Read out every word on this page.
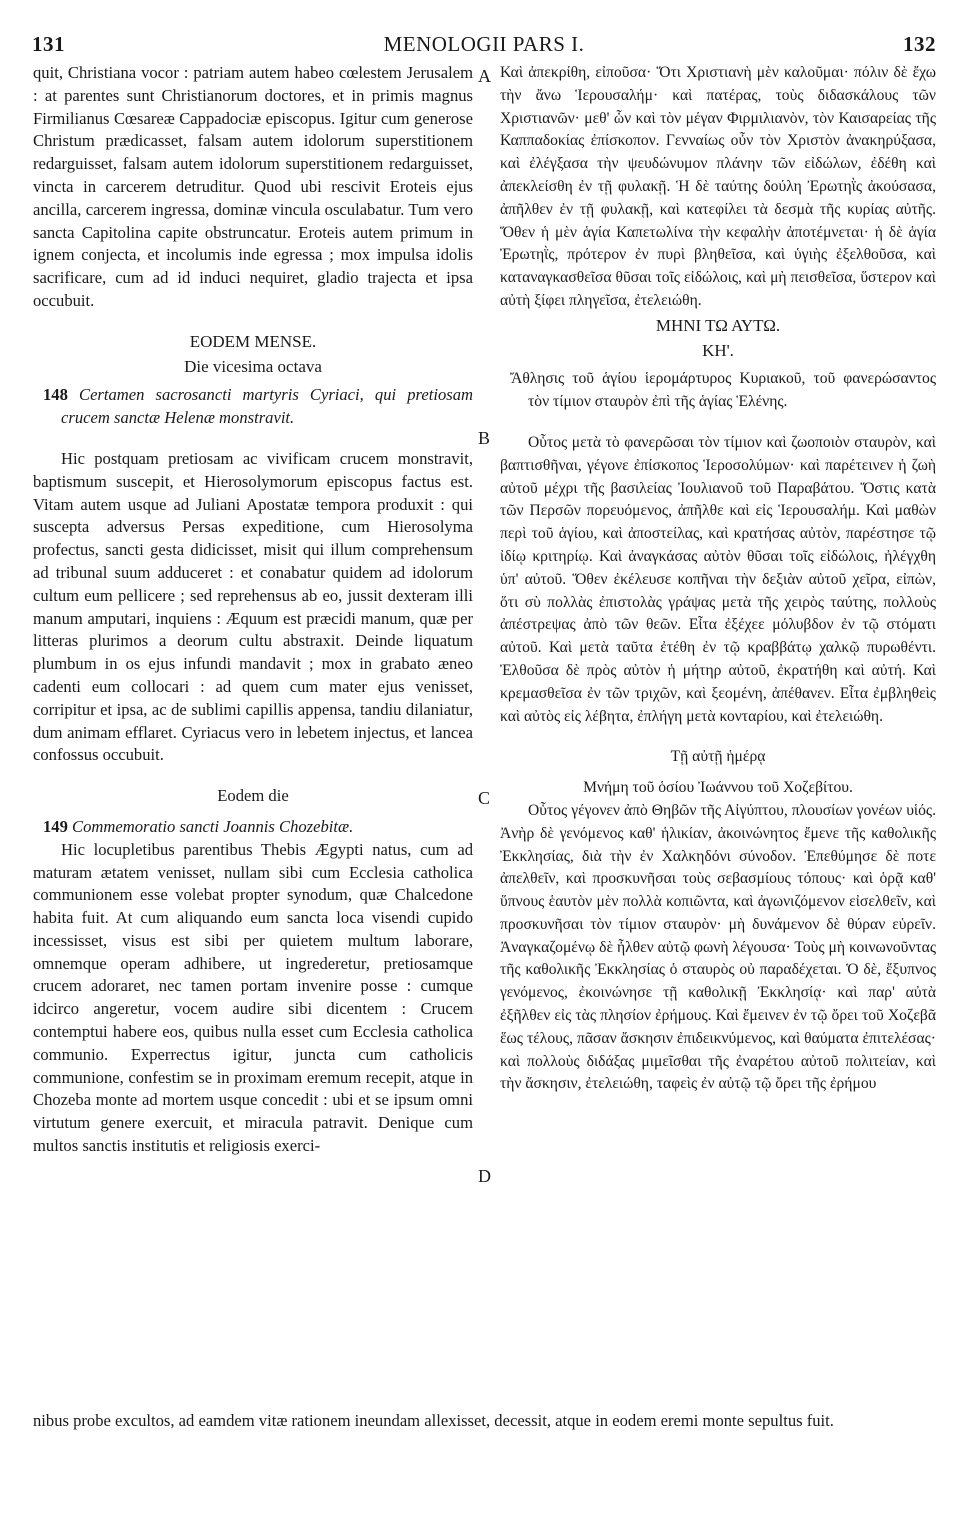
131	MENOLOGII PARS I.	132
A
B
C
D

quit, Christiana vocor : patriam autem habeo cœlestem Jerusalem : at parentes sunt Christianorum doctores, et in primis magnus Firmilianus Cœsareæ Cappadociæ episcopus. Igitur cum generose Christum prædicasset, falsam autem idolorum superstitionem redarguisset, falsam autem idolorum superstitionem redarguisset, vincta in carcerem detruditur. Quod ubi rescivit Eroteis ejus ancilla, carcerem ingressa, dominæ vincula osculabatur. Tum vero sancta Capitolina capite obstruncatur. Eroteis autem primum in ignem conjecta, et incolumis inde egressa ; mox impulsa idolis sacrificare, cum ad id induci nequiret, gladio trajecta et ipsa occubuit.

EODEM MENSE.

Die vicesima octava

148 Certamen sacrosancti martyris Cyriaci, qui pretiosam crucem sanctæ Helenæ monstravit.

Hic postquam pretiosam ac vivificam crucem monstravit, baptismum suscepit, et Hierosolymorum episcopus factus est. Vitam autem usque ad Juliani Apostatæ tempora produxit : qui suscepta adversus Persas expeditione, cum Hierosolyma profectus, sancti gesta didicisset, misit qui illum comprehensum ad tribunal suum adduceret : et conabatur quidem ad idolorum cultum eum pellicere ; sed reprehensus ab eo, jussit dexteram illi manum amputari, inquiens : Æquum est præcidi manum, quæ per litteras plurimos a deorum cultu abstraxit. Deinde liquatum plumbum in os ejus infundi mandavit ; mox in grabato æneo cadenti eum collocari : ad quem cum mater ejus venisset, corripitur et ipsa, ac de sublimi capillis appensa, tandiu dilaniatur, dum animam efflaret. Cyriacus vero in lebetem injectus, et lancea confossus occubuit.

Eodem die

149 Commemoratio sancti Joannis Chozebitæ.

Hic locupletibus parentibus Thebis Ægypti natus, cum ad maturam ætatem venisset, nullam sibi cum Ecclesia catholica communionem esse volebat propter synodum, quæ Chalcedone habita fuit. At cum aliquando eum sancta loca visendi cupido incessisset, visus est sibi per quietem multum laborare, omnemque operam adhibere, ut ingrederetur, pretiosamque crucem adoraret, nec tamen portam invenire posse : cumque idcirco angeretur, vocem audire sibi dicentem : Crucem contemptui habere eos, quibus nulla esset cum Ecclesia catholica communio. Experrectus igitur, juncta cum catholicis communione, confestim se in proximam eremum recepit, atque in Chozeba monte ad mortem usque concedit : ubi et se ipsum omni virtutum genere exercuit, et miracula patravit. Denique cum multos sanctis institutis et religiosis exerci-

Καὶ ἀπεκρίθη, εἰποῦσα· Ὅτι Χριστιανὴ μὲν καλοῦμαι· πόλιν δὲ ἔχω τὴν ἄνω Ἱερουσαλήμ· καὶ πατέρας, τοὺς διδασκάλους τῶν Χριστιανῶν· μεθ' ὧν καὶ τὸν μέγαν Φιρμιλιανὸν, τὸν Καισαρείας τῆς Καππαδοκίας ἐπίσκοπον. Γενναίως οὖν τὸν Χριστὸν ἀνακηρύξασα, καὶ ἐλέγξασα τὴν ψευδώνυμον πλάνην τῶν εἰδώλων, ἐδέθη καὶ ἀπεκλείσθη ἐν τῇ φυλακῇ. Ἡ δὲ ταύτης δούλη Ἐρωτηῒς ἀκούσασα, ἀπῆλθεν ἐν τῇ φυλακῇ, καὶ κατεφίλει τὰ δεσμὰ τῆς κυρίας αὐτῆς. Ὅθεν ἡ μὲν ἁγία Καπετωλίνα τὴν κεφαλὴν ἀποτέμνεται· ἡ δὲ ἁγία Ἐρωτηῒς, πρότερον ἐν πυρὶ βληθεῖσα, καὶ ὑγιὴς ἐξελθοῦσα, καὶ καταναγκασθεῖσα θῦσαι τοῖς εἰδώλοις, καὶ μὴ πεισθεῖσα, ὕστερον καὶ αὐτὴ ξίφει πληγεῖσα, ἐτελειώθη.

ΜΗΝΙ ΤΩ ΑΥΤΩ.

ΚΗ'.

Ἄθλησις τοῦ ἁγίου ἱερομάρτυρος Κυριακοῦ, τοῦ φανερώσαντος τὸν τίμιον σταυρὸν ἐπὶ τῆς ἁγίας Ἑλένης.

Οὗτος μετὰ τὸ φανερῶσαι τὸν τίμιον καὶ ζωοποιὸν σταυρὸν, καὶ βαπτισθῆναι, γέγονε ἐπίσκοπος Ἱεροσολύμων· καὶ παρέτεινεν ἡ ζωὴ αὐτοῦ μέχρι τῆς βασιλείας Ἰουλιανοῦ τοῦ Παραβάτου. Ὅστις κατὰ τῶν Περσῶν πορευόμενος, ἀπῆλθε καὶ εἰς Ἱερουσαλήμ. Καὶ μαθὼν περὶ τοῦ ἁγίου, καὶ ἀποστείλας, καὶ κρατήσας αὐτὸν, παρέστησε τῷ ἰδίῳ κριτηρίῳ. Καὶ ἀναγκάσας αὐτὸν θῦσαι τοῖς εἰδώλοις, ἠλέγχθη ὑπ' αὐτοῦ. Ὅθεν ἐκέλευσε κοπῆναι τὴν δεξιὰν αὐτοῦ χεῖρα, εἰπὼν, ὅτι σὺ πολλὰς ἐπιστολὰς γράψας μετὰ τῆς χειρὸς ταύτης, πολλοὺς ἀπέστρεψας ἀπὸ τῶν θεῶν. Εἶτα ἐξέχεε μόλυβδον ἐν τῷ στόματι αὐτοῦ. Καὶ μετὰ ταῦτα ἐτέθη ἐν τῷ κραββάτῳ χαλκῷ πυρωθέντι. Ἐλθοῦσα δὲ πρὸς αὐτὸν ἡ μήτηρ αὐτοῦ, ἐκρατήθη καὶ αὐτή. Καὶ κρεμασθεῖσα ἐν τῶν τριχῶν, καὶ ξεομένη, ἀπέθανεν. Εἶτα ἐμβληθεὶς καὶ αὐτὸς εἰς λέβητα, ἐπλήγη μετὰ κονταρίου, καὶ ἐτελειώθη.

Τῇ αὐτῇ ἡμέρᾳ

Μνήμη τοῦ ὁσίου Ἰωάννου τοῦ Χοζεβίτου.

Οὗτος γέγονεν ἀπὸ Θηβῶν τῆς Αἰγύπτου, πλουσίων γονέων υἱός. Ἀνὴρ δὲ γενόμενος καθ' ἡλικίαν, ἀκοινώνητος ἔμενε τῆς καθολικῆς Ἐκκλησίας, διὰ τὴν ἐν Χαλκηδόνι σύνοδον. Ἐπεθύμησε δὲ ποτε ἀπελθεῖν, καὶ προσκυνῆσαι τοὺς σεβασμίους τόπους· καὶ ὁρᾷ καθ' ὕπνους ἑαυτὸν μὲν πολλὰ κοπιῶντα, καὶ ἀγωνιζόμενον εἰσελθεῖν, καὶ προσκυνῆσαι τὸν τίμιον σταυρὸν· μὴ δυνάμενον δὲ θύραν εὑρεῖν. Ἀναγκαζομένῳ δὲ ἦλθεν αὐτῷ φωνὴ λέγουσα· Τοὺς μὴ κοινωνοῦντας τῆς καθολικῆς Ἐκκλησίας ὁ σταυρὸς οὐ παραδέχεται. Ὁ δὲ, ἔξυπνος γενόμενος, ἐκοινώνησε τῇ καθολικῇ Ἐκκλησίᾳ· καὶ παρ' αὐτὰ ἐξῆλθεν εἰς τὰς πλησίον ἐρήμους. Καὶ ἔμεινεν ἐν τῷ ὄρει τοῦ Χοζεβᾶ ἕως τέλους, πᾶσαν ἄσκησιν ἐπιδεικνύμενος, καὶ θαύματα ἐπιτελέσας· καὶ πολλοὺς διδάξας μιμεῖσθαι τῆς ἐναρέτου αὐτοῦ πολιτείαν, καὶ τὴν ἄσκησιν, ἐτελειώθη, ταφεὶς ἐν αὐτῷ τῷ ὄρει τῆς ἐρήμου

nibus probe excultos, ad eamdem vitæ rationem ineundam allexisset, decessit, atque in eodem eremi monte sepultus fuit.
